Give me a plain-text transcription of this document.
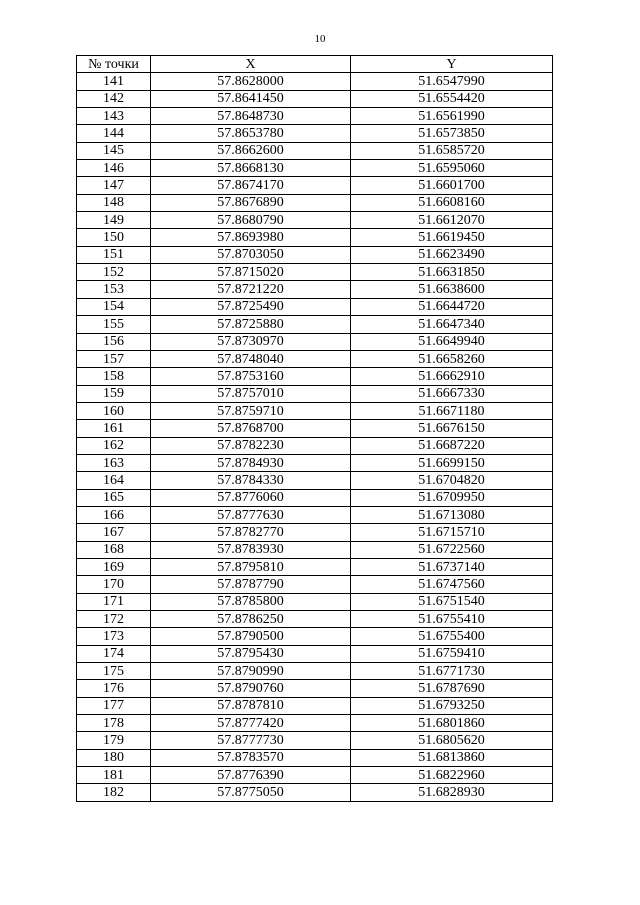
10
№ точки	X	Y
141	57.8628000	51.6547990
142	57.8641450	51.6554420
143	57.8648730	51.6561990
144	57.8653780	51.6573850
145	57.8662600	51.6585720
146	57.8668130	51.6595060
147	57.8674170	51.6601700
148	57.8676890	51.6608160
149	57.8680790	51.6612070
150	57.8693980	51.6619450
151	57.8703050	51.6623490
152	57.8715020	51.6631850
153	57.8721220	51.6638600
154	57.8725490	51.6644720
155	57.8725880	51.6647340
156	57.8730970	51.6649940
157	57.8748040	51.6658260
158	57.8753160	51.6662910
159	57.8757010	51.6667330
160	57.8759710	51.6671180
161	57.8768700	51.6676150
162	57.8782230	51.6687220
163	57.8784930	51.6699150
164	57.8784330	51.6704820
165	57.8776060	51.6709950
166	57.8777630	51.6713080
167	57.8782770	51.6715710
168	57.8783930	51.6722560
169	57.8795810	51.6737140
170	57.8787790	51.6747560
171	57.8785800	51.6751540
172	57.8786250	51.6755410
173	57.8790500	51.6755400
174	57.8795430	51.6759410
175	57.8790990	51.6771730
176	57.8790760	51.6787690
177	57.8787810	51.6793250
178	57.8777420	51.6801860
179	57.8777730	51.6805620
180	57.8783570	51.6813860
181	57.8776390	51.6822960
182	57.8775050	51.6828930
